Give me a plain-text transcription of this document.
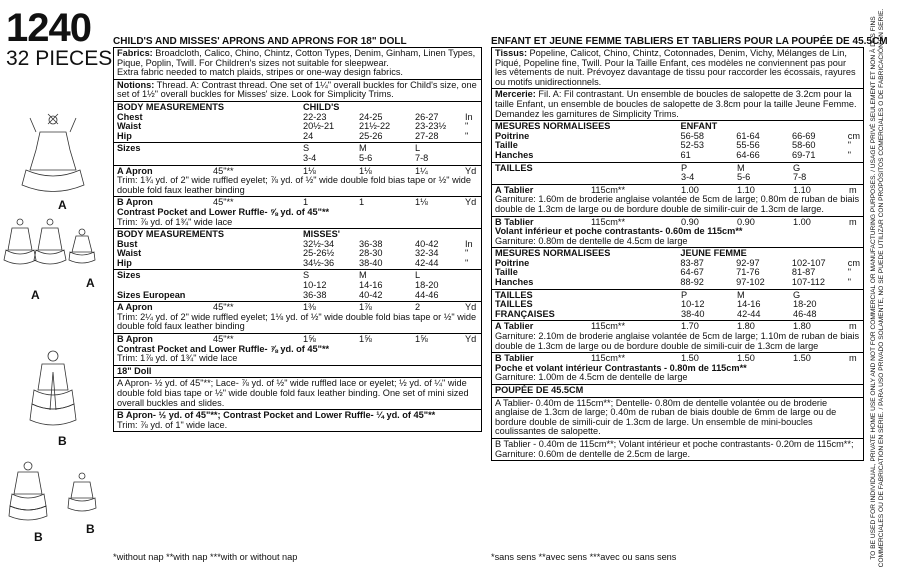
1240
32 PIECES
A
A
A
B
B
B
CHILD'S AND MISSES' APRONS AND APRONS FOR 18" DOLL

Fabrics: Broadcloth, Calico, Chino, Chintz, Cotton Types, Denim, Ginham, Linen Types, Pique, Poplin, Twill. For Children's sizes not suitable for sleepwear.

Extra fabric needed to match plaids, stripes or one-way design fabrics.

Notions: Thread. A: Contrast thread. One set of 1¼" overall buckles for Child's size, one set of 1½" overall buckles for Misses' size. Look for Simplicity Trims.

BODY MEASUREMENTS	CHILD'S			
Chest	22-23	24-25	26-27	In
Waist	20½-21	21½-22	23-23½	"
Hip	24	25-26	27-28	"
Sizes	S	M	L
	3-4	5-6	7-8
A Apron	45"**	1⅛	1⅛	1¼	Yd

Trim: 1¾ yd. of 2" wide ruffled eyelet; ⅞ yd. of ½" wide double fold bias tape or ½" wide double fold faux leather binding

B Apron	45"**	1	1	1⅛	Yd

Contrast Pocket and Lower Ruffle- ⅝ yd. of 45"**

Trim: ⅞ yd. of 1¾" wide lace

BODY MEASUREMENTS	MISSES'			
Bust	32½-34	36-38	40-42	In
Waist	25-26½	28-30	32-34	"
Hip	34½-36	38-40	42-44	"
Sizes	S	M	L
	10-12	14-16	18-20
Sizes European	36-38	40-42	44-46
A Apron	45"**	1⅜	1⅞	2	Yd

Trim: 2¼ yd. of 2" wide ruffled eyelet; 1⅛ yd. of ½" wide double fold bias tape or ½" wide double fold faux leather binding

B Apron	45"**	1⅝	1⅝	1⅝	Yd

Contrast Pocket and Lower Ruffle- ⅞ yd. of 45"**

Trim: 1⅞ yd. of 1¾" wide lace

18" Doll

A Apron- ½ yd. of 45"**; Lace- ⅞ yd. of ½" wide ruffled lace or eyelet; ½ yd. of ¼" wide double fold bias tape or ½" wide double fold faux leather binding. One set of mini sized overall buckles and slides.

B Apron- ½ yd. of 45"**; Contrast Pocket and Lower Ruffle- ¼ yd. of 45"**

Trim: ⅞ yd. of 1" wide lace.

*without nap **with nap ***with or without nap
ENFANT ET JEUNE FEMME TABLIERS ET TABLIERS POUR LA POUPÉE DE 45.5CM

Tissus: Popeline, Calicot, Chino, Chintz, Cotonnades, Denim, Vichy, Mélanges de Lin, Piqué, Popeline fine, Twill. Pour la Taille Enfant, ces modèles ne conviennent pas pour les vêtements de nuit. Prévoyez davantage de tissu pour raccorder les écossais, rayures ou motifs unidirectionnels.

Mercerie: Fil. A: Fil contrastant. Un ensemble de boucles de salopette de 3.2cm pour la taille Enfant, un ensemble de boucles de salopette de 3.8cm pour la taille Jeune Femme. Demandez les garnitures de Simplicity Trims.

MESURES NORMALISEES	ENFANT			
Poitrine	56-58	61-64	66-69	cm
Taille	52-53	55-56	58-60	"
Hanches	61	64-66	69-71	"
TAILLES	P	M	G
	3-4	5-6	7-8
A Tablier	115cm**	1.00	1.10	1.10	m

Garniture: 1.60m de broderie anglaise volantée de 5cm de large; 0.80m de ruban de biais double de 1.3cm de large ou de bordure double de similir-cuir de 1.3cm de large.

B Tablier	115cm**	0.90	0.90	1.00	m

Volant inférieur et poche contrastants- 0.60m de 115cm**

Garniture: 0.80m de dentelle de 4.5cm de large

MESURES NORMALISEES	JEUNE FEMME			
Poitrine	83-87	92-97	102-107	cm
Taille	64-67	71-76	81-87	"
Hanches	88-92	97-102	107-112	"
TAILLES	P	M	G
TAILLES	10-12	14-16	18-20
FRANÇAISES	38-40	42-44	46-48
A Tablier	115cm**	1.70	1.80	1.80	m

Garniture: 2.10m de broderie anglaise volantée de 5cm de large; 1.10m de ruban de biais double de 1.3cm de large ou de bordure double de simili-cuir de 1.3cm de large

B Tablier	115cm**	1.50	1.50	1.50	m

Poche et volant intérieur Contrastants - 0.80m de 115cm**

Garniture: 1.00m de 4.5cm de dentelle de large

POUPÉE DE 45.5CM

A Tablier- 0.40m de 115cm**; Dentelle- 0.80m de dentelle volantée ou de broderie anglaise de 1.3cm de large; 0.40m de ruban de biais double de 6mm de large ou de bordure double de simili-cuir de 1.3cm de large. Un ensemble de mini-boucles coulissantes de salopette.

B Tablier - 0.40m de 115cm**; Volant intérieur et poche contrastants- 0.20m de 115cm**; Garniture: 0.60m de dentelle de 2.5cm de large.

*sans sens **avec sens ***avec ou sans sens	TO BE USED FOR INDIVIDUAL, PRIVATE HOME USE ONLY AND NOT FOR COMMERCIAL OR MANUFACTURING PURPOSES. / USAGE PRIVÉ SEULEMENT ET NON À DES FINS COMMERCIALES OU DE FABRICATION EN SÉRIE. / PARA USO PRIVADO SOLAMENTE, NO SE PUEDE UTILIZAR CON PROPÓSITOS COMERCIALES O DE FABRICACIÓN EN SERIE.
